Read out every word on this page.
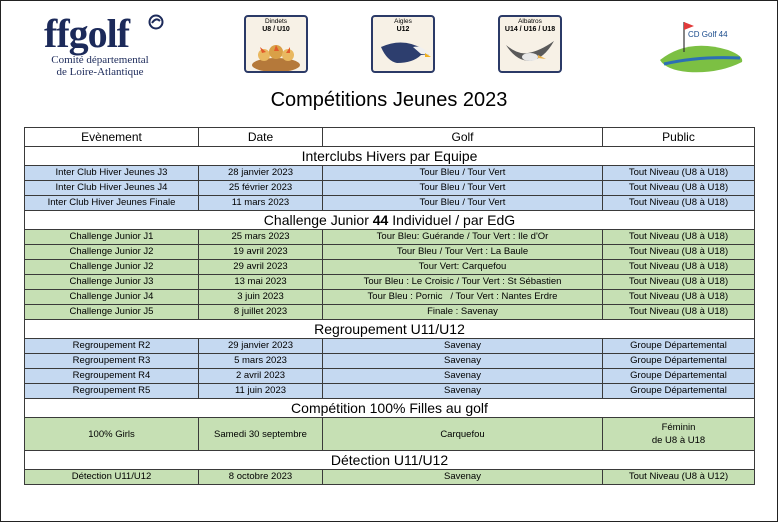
ffgolf
Comité départemental
de Loire-Atlantique
Dindets
U8 / U10
Aigles
U12
Albatros
U14 / U16 / U18
CD Golf 44
Compétitions Jeunes 2023
Evènement	Date	Golf	Public
Interclubs Hivers par Equipe			
Inter Club Hiver Jeunes J3	28 janvier 2023	Tour Bleu / Tour Vert	Tout Niveau (U8 à U18)
Inter Club Hiver Jeunes J4	25 février 2023	Tour Bleu / Tour Vert	Tout Niveau (U8 à U18)
Inter Club Hiver Jeunes Finale	11 mars 2023	Tour Bleu / Tour Vert	Tout Niveau (U8 à U18)
Challenge Junior 44 Individuel / par EdG			
Challenge Junior J1	25 mars 2023	Tour Bleu: Guérande / Tour Vert : Ile d'Or	Tout Niveau (U8 à U18)
Challenge Junior J2	19 avril 2023	Tour Bleu / Tour Vert : La Baule	Tout Niveau (U8 à U18)
Challenge Junior J2	29 avril 2023	Tour Vert: Carquefou	Tout Niveau (U8 à U18)
Challenge Junior J3	13 mai 2023	Tour Bleu : Le Croisic / Tour Vert : St Sébastien	Tout Niveau (U8 à U18)
Challenge Junior J4	3 juin 2023	Tour Bleu : Pornic   / Tour Vert : Nantes Erdre	Tout Niveau (U8 à U18)
Challenge Junior J5	8 juillet 2023	Finale : Savenay	Tout Niveau (U8 à U18)
Regroupement U11/U12			
Regroupement R2	29 janvier 2023	Savenay	Groupe Départemental
Regroupement R3	5 mars 2023	Savenay	Groupe Départemental
Regroupement R4	2 avril 2023	Savenay	Groupe Départemental
Regroupement R5	11 juin 2023	Savenay	Groupe Départemental
Compétition 100% Filles au golf			
100% Girls	Samedi 30 septembre	Carquefou	Féminin
de U8 à U18

Détection U11/U12			
Détection U11/U12	8 octobre 2023	Savenay	Tout Niveau (U8 à U12)
